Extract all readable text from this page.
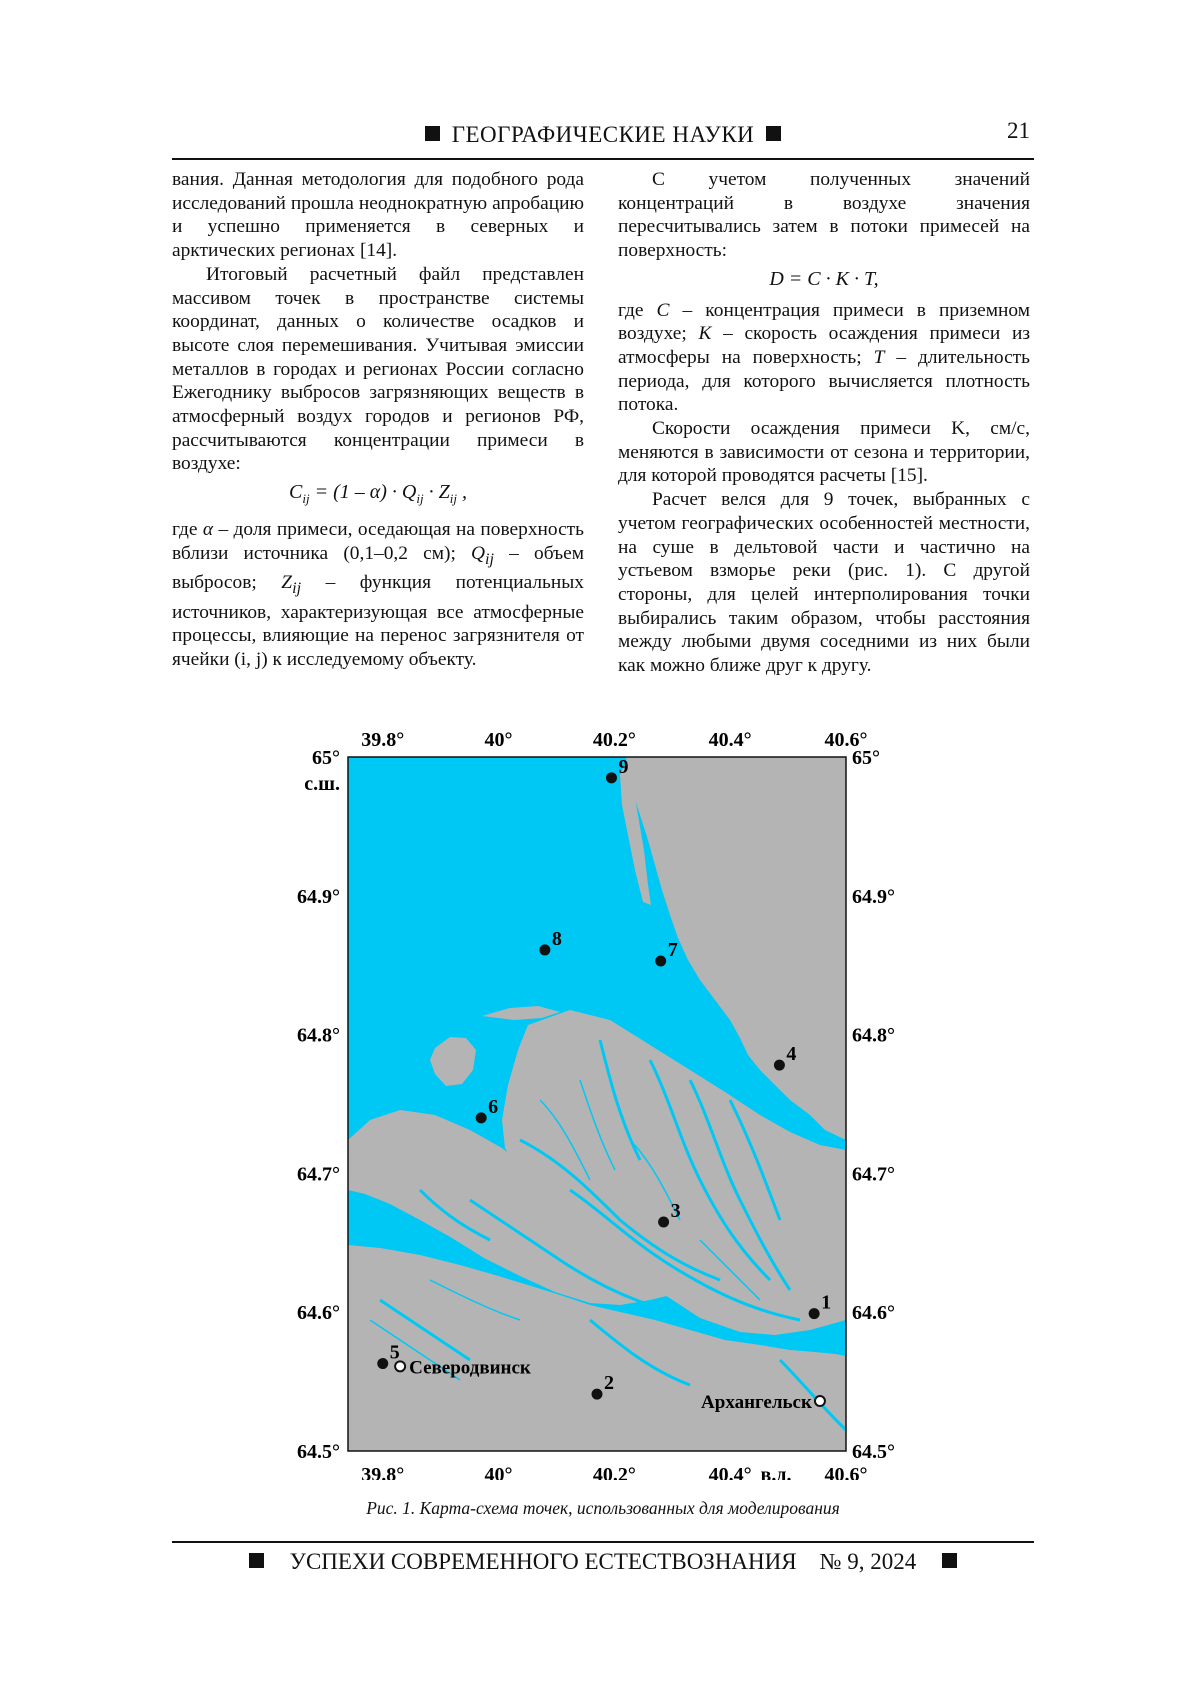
ГЕОГРАФИЧЕСКИЕ НАУКИ	21

вания. Данная методология для подобного рода исследований прошла неоднократную апробацию и успешно применяется в северных и арктических регионах [14].

Итоговый расчетный файл представлен массивом точек в пространстве системы координат, данных о количестве осадков и высоте слоя перемешивания. Учитывая эмиссии металлов в городах и регионах России согласно Ежегоднику выбросов загрязняющих веществ в атмосферный воздух городов и регионов РФ, рассчитываются концентрации примеси в воздухе:

Cij = (1 – α) · Qij · Zij ,

где α – доля примеси, оседающая на поверхность вблизи источника (0,1–0,2 см); Qij – объем выбросов; Zij – функция потенциальных источников, характеризующая все атмосферные процессы, влияющие на перенос загрязнителя от ячейки (i, j) к исследуемому объекту.

С учетом полученных значений концентраций в воздухе значения пересчитывались затем в потоки примесей на поверхность:

D = C · K · T,

где C – концентрация примеси в приземном воздухе; K – скорость осаждения примеси из атмосферы на поверхность; T – длительность периода, для которого вычисляется плотность потока.

Скорости осаждения примеси K, см/с, меняются в зависимости от сезона и территории, для которой проводятся расчеты [15].

Расчет велся для 9 точек, выбранных с учетом географических особенностей местности, на суше в дельтовой части и частично на устьевом взморье реки (рис. 1). С другой стороны, для целей интерполирования точки выбирались таким образом, чтобы расстояния между любыми двумя соседними из них были как можно ближе друг к другу.

39.8°
39.8°
40°
40°
40.2°
40.2°
40.4°
40.4°
40.6°
40.6°
в.д.
65°	65°
64.9°	64.9°
64.8°	64.8°
64.7°	64.7°
64.6°	64.6°
64.5°	64.5°
с.ш.
1
2
3
4
5
6
7
8
9
Северодвинск
Архангельск
Рис. 1. Карта-схема точек, использованных для моделирования
УСПЕХИ СОВРЕМЕННОГО ЕСТЕСТВОЗНАНИЯ № 9, 2024
